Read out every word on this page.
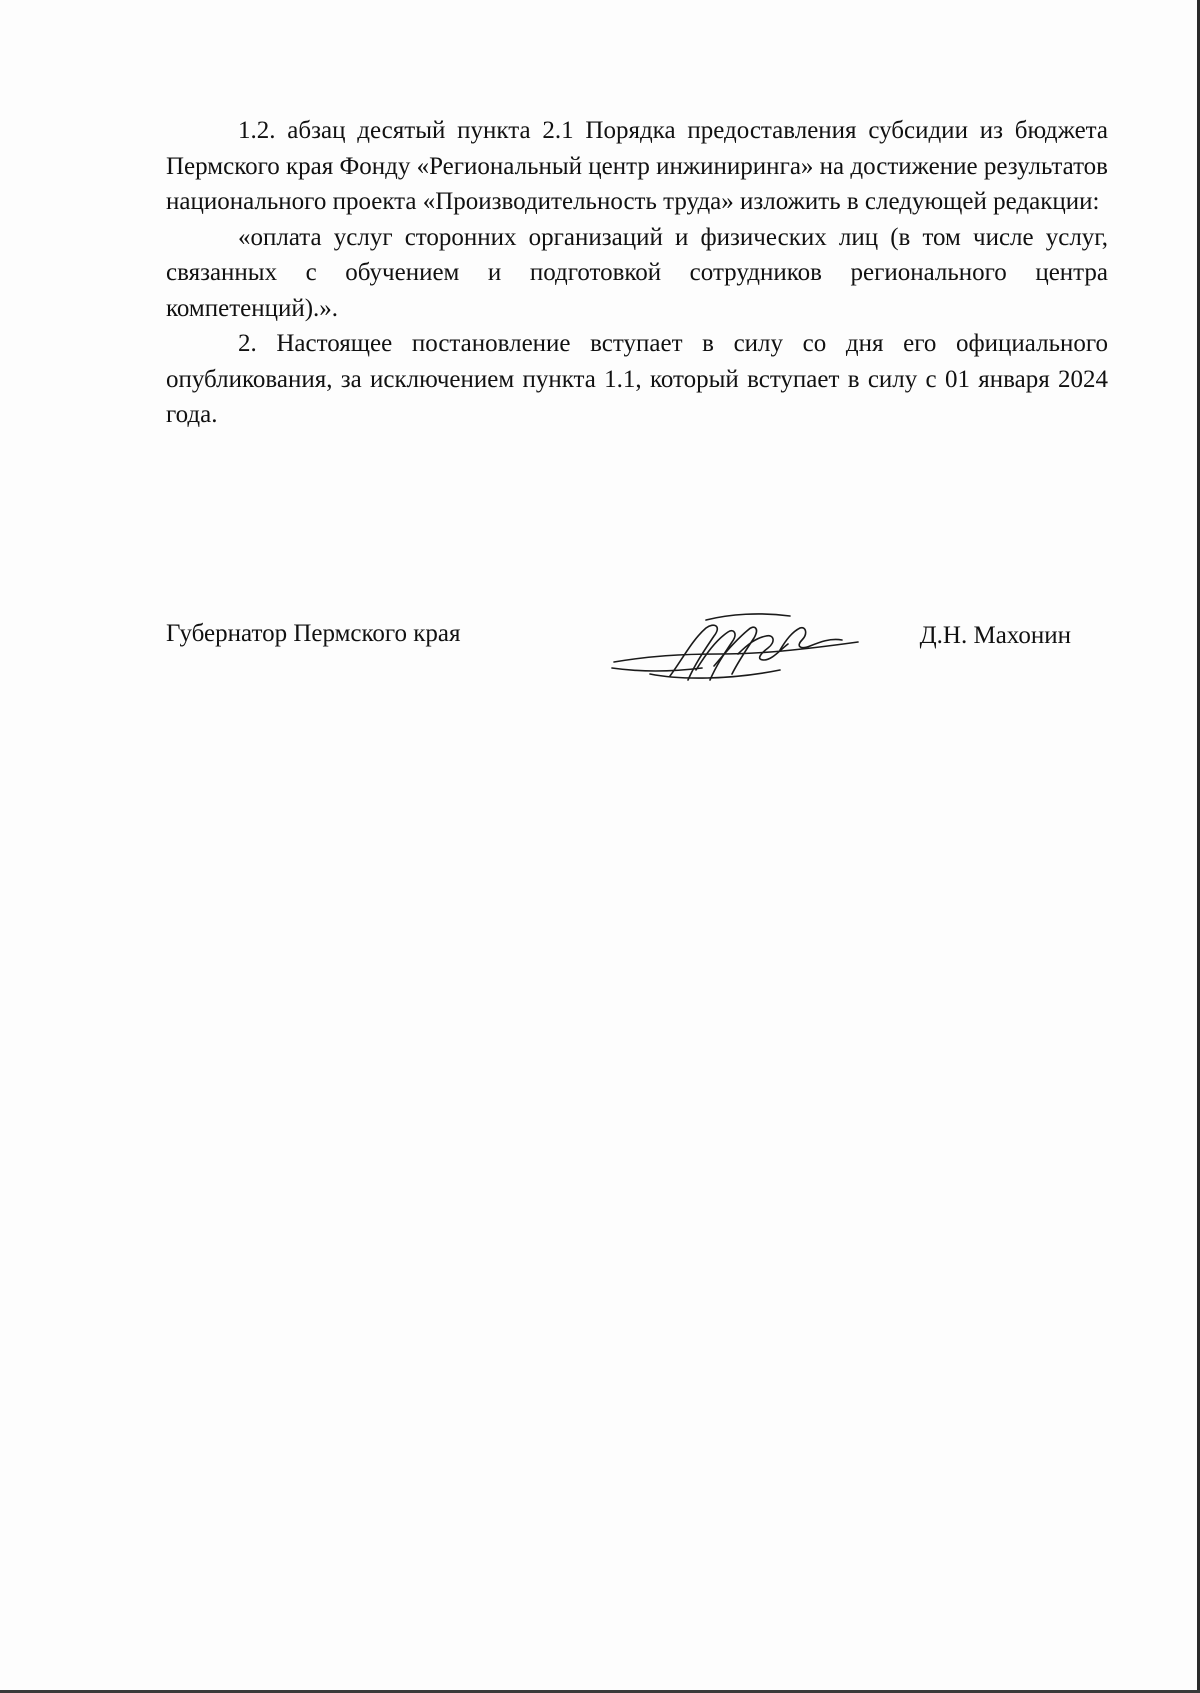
1.2. абзац десятый пункта 2.1 Порядка предоставления субсидии из бюджета Пермского края Фонду «Региональный центр инжиниринга» на достижение результатов национального проекта «Производительность труда» изложить в следующей редакции:

«оплата услуг сторонних организаций и физических лиц (в том числе услуг, связанных с обучением и подготовкой сотрудников регионального центра компетенций).».

2. Настоящее постановление вступает в силу со дня его официального опубликования, за исключением пункта 1.1, который вступает в силу с 01 января 2024 года.

Губернатор Пермского края	Д.Н. Махонин
